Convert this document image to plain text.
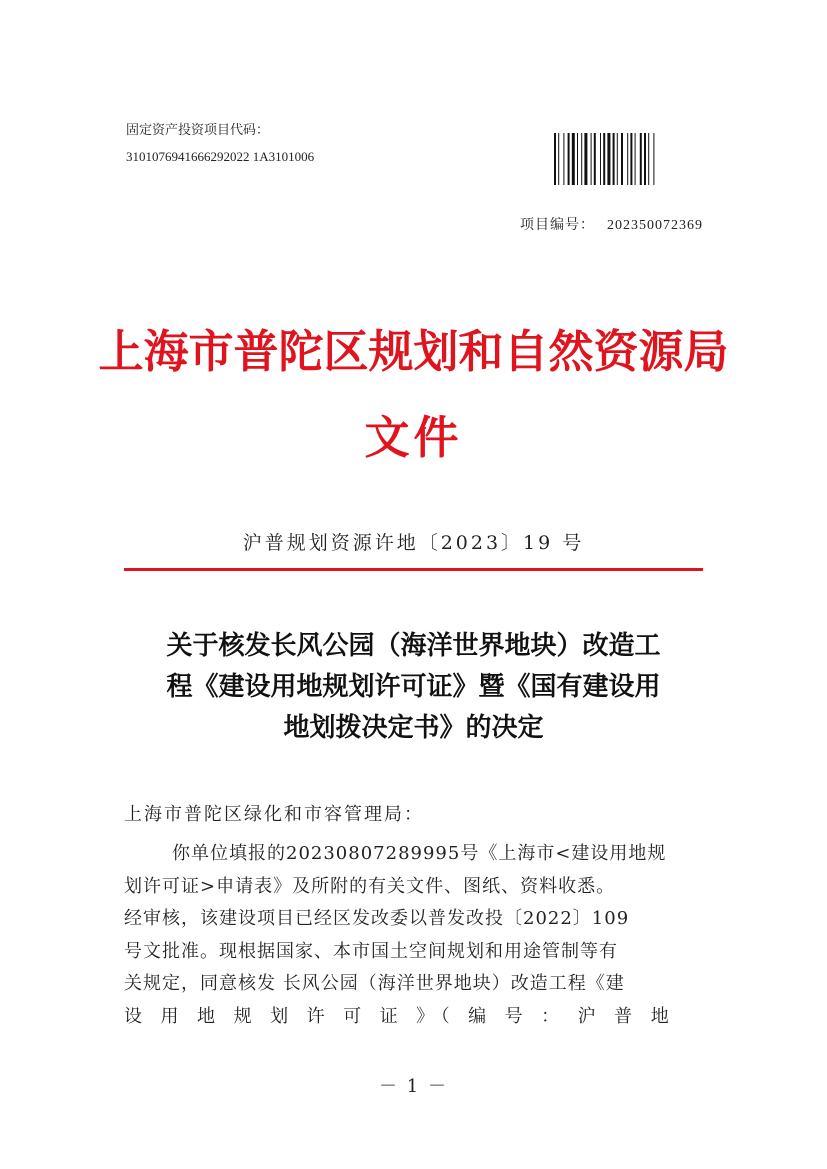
固定资产投资项目代码：
3101076941666292022 1A3101006
项目编号： 202350072369
上海市普陀区规划和自然资源局
文件
沪普规划资源许地〔2023〕19 号
关于核发长风公园（海洋世界地块）改造工
程《建设用地规划许可证》暨《国有建设用
地划拨决定书》的决定
上海市普陀区绿化和市容管理局：
你单位填报的20230807289995号《上海市<建设用地规
划许可证>申请表》及所附的有关文件、图纸、资料收悉。
经审核，该建设项目已经区发改委以普发改投〔2022〕109
号文批准。现根据国家、本市国土空间规划和用途管制等有
关规定，同意核发 长风公园（海洋世界地块）改造工程《建
设 用 地 规 划 许 可 证 》（ 编 号 ： 沪 普 地
－ 1 －
